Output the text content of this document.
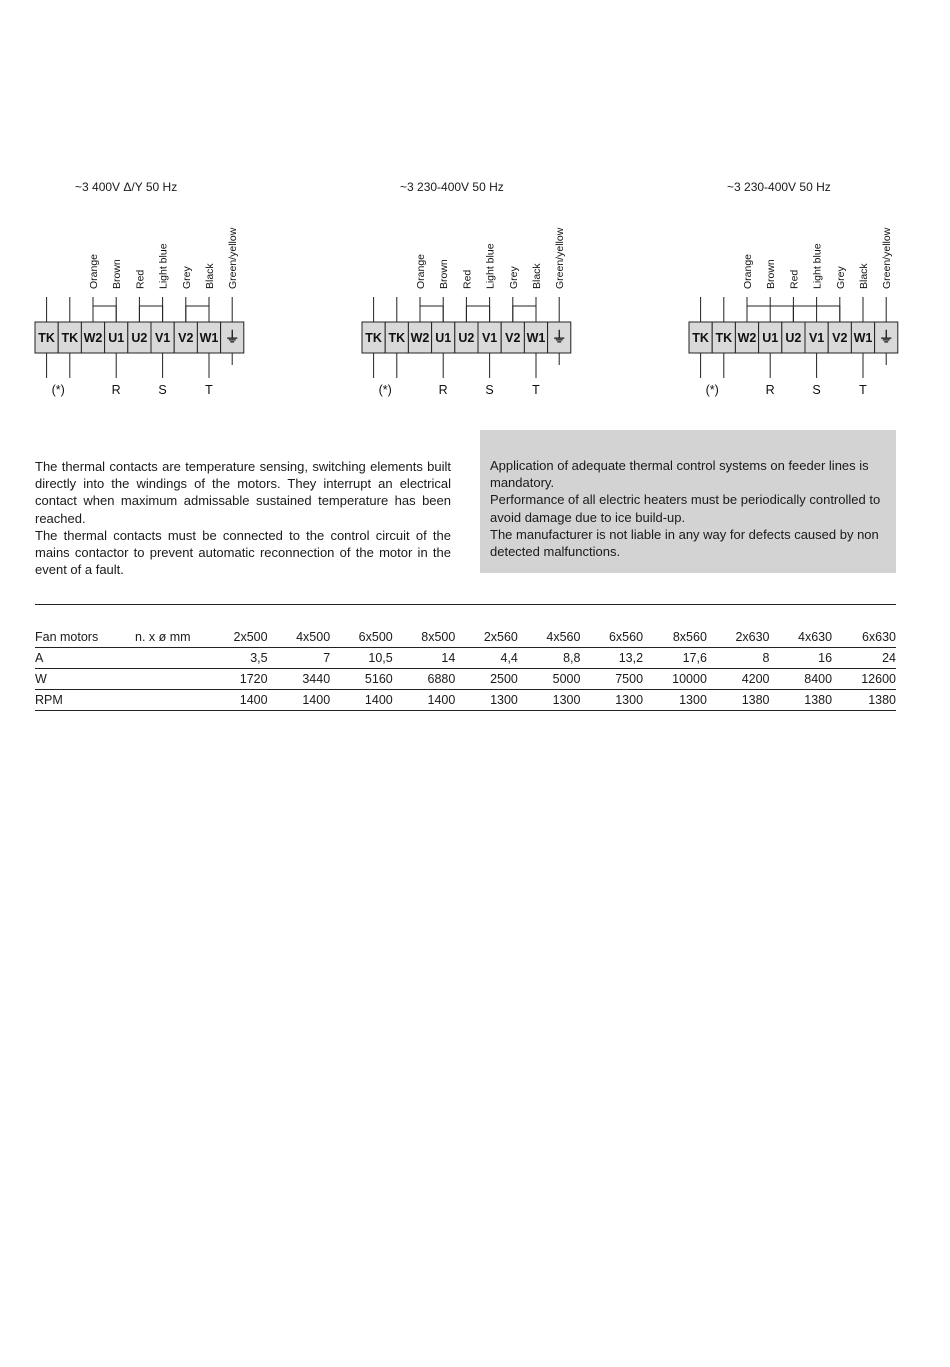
~3 400V Δ/Y 50 Hz
TK TK W2 U1 U2 V1 V2 W1 ⏚
Orange Brown Red Light blue Grey Black Green/yellow
(*)	R	S	T
~3 230-400V 50 Hz
TK TK W2 U1 U2 V1 V2 W1 ⏚
Orange Brown Red Light blue Grey Black Green/yellow
(*)	R	S	T
~3 230-400V 50 Hz
TK TK W2 U1 U2 V1 V2 W1 ⏚
Orange Brown Red Light blue Grey Black Green/yellow
(*)	R	S	T

The thermal contacts are temperature sensing, switching elements built directly into the windings of the motors. They interrupt an electrical contact when maximum admissable sustained temperature has been reached.

The thermal contacts must be connected to the control circuit of the mains contactor to prevent automatic reconnection of the motor in the event of a fault.

Application of adequate thermal control systems on feeder lines is mandatory.

Performance of all electric heaters must be periodically controlled to avoid damage due to ice build-up.

The manufacturer is not liable in any way for defects caused by non detected malfunctions.

Fan motors	n. x ø mm	2x500	4x500	6x500	8x500	2x560	4x560	6x560	8x560	2x630	4x630	6x630
A		3,5	7	10,5	14	4,4	8,8	13,2	17,6	8	16	24
W		1720	3440	5160	6880	2500	5000	7500	10000	4200	8400	12600
RPM		1400	1400	1400	1400	1300	1300	1300	1300	1380	1380	1380
